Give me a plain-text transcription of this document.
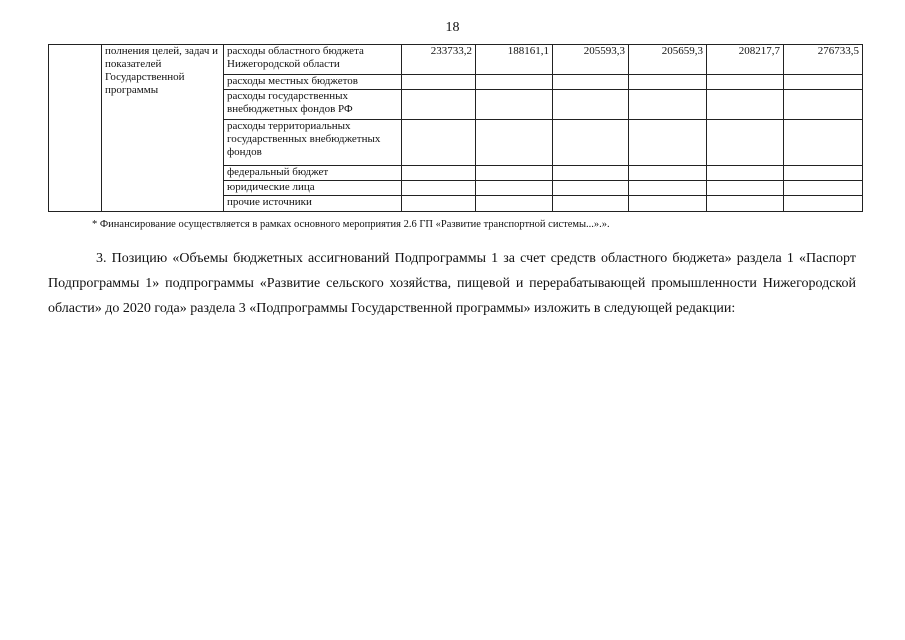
18
	полнения целей, задач и показателей Государственной программы	расходы областного бюджета Нижегородской области	233733,2	188161,1	205593,3	205659,3	208217,7	276733,5
		расходы местных бюджетов						
		расходы государственных внебюджетных фондов РФ						
		расходы территориальных государственных внебюджетных фондов						
		федеральный бюджет						
		юридические лица						
		прочие источники						
* Финансирование осуществляется в рамках основного мероприятия 2.6 ГП «Развитие транспортной системы...».».

3. Позицию «Объемы бюджетных ассигнований Подпрограммы 1 за счет средств областного бюджета» раздела 1 «Паспорт Подпрограммы 1» подпрограммы «Развитие сельского хозяйства, пищевой и перерабатывающей промышленности Нижегородской области» до 2020 года» раздела 3 «Подпрограммы Государственной программы» изложить в следующей редакции:
